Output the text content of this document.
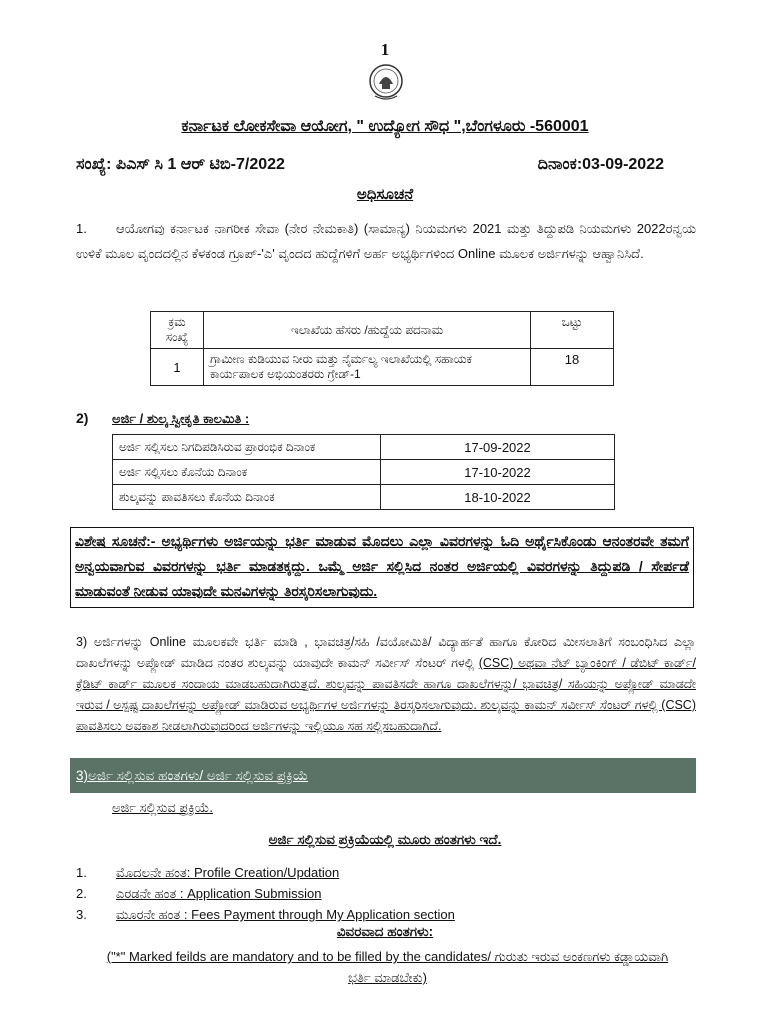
1
ಕರ್ನಾಟಕ ಲೋಕಸೇವಾ ಆಯೋಗ, " ಉದ್ಯೋಗ ಸೌಧ ",ಬೆಂಗಳೂರು -560001
ಸಂಖ್ಯೆ: ಪಿಎಸ್ ಸಿ 1 ಆರ್ ಟಿಬಿ-7/2022	ದಿನಾಂಕ:03-09-2022
ಅಧಿಸೂಚನೆ
1. ಆಯೋಗವು ಕರ್ನಾಟಕ ನಾಗರೀಕ ಸೇವಾ (ನೇರ ನೇಮಕಾತಿ) (ಸಾಮಾನ್ಯ) ನಿಯಮಗಳು 2021 ಮತ್ತು ತಿದ್ದುಪಡಿ ನಿಯಮಗಳು 2022ರನ್ವಯ ಉಳಿಕೆ ಮೂಲ ವೃಂದದಲ್ಲಿನ ಕೆಳಕಂಡ ಗ್ರೂಪ್-'ಎ' ವೃಂದದ ಹುದ್ದೆಗಳಿಗೆ ಅರ್ಹ ಅಭ್ಯರ್ಥಿಗಳಿಂದ Online ಮೂಲಕ ಅರ್ಜಿಗಳನ್ನು ಆಹ್ವಾನಿಸಿದೆ.
ಕ್ರಮ ಸಂಖ್ಯೆ	ಇಲಾಖೆಯ ಹೆಸರು /ಹುದ್ದೆಯ ಪದನಾಮ	ಒಟ್ಟು
1	ಗ್ರಾಮೀಣ ಕುಡಿಯುವ ನೀರು ಮತ್ತು ನೈರ್ಮಲ್ಯ ಇಲಾಖೆಯಲ್ಲಿ ಸಹಾಯಕ ಕಾರ್ಯಪಾಲಕ ಅಭಿಯಂತರರು ಗ್ರೇಡ್-1	18
2) ಅರ್ಜಿ / ಶುಲ್ಕ ಸ್ವೀಕೃತಿ ಕಾಲಮಿತಿ :
ಅರ್ಜಿ ಸಲ್ಲಿಸಲು ನಿಗದಿಪಡಿಸಿರುವ ಪ್ರಾರಂಭಿಕ ದಿನಾಂಕ	17-09-2022
ಅರ್ಜಿ ಸಲ್ಲಿಸಲು ಕೊನೆಯ ದಿನಾಂಕ	17-10-2022
ಶುಲ್ಕವನ್ನು ಪಾವತಿಸಲು ಕೊನೆಯ ದಿನಾಂಕ	18-10-2022
ವಿಶೇಷ ಸೂಚನೆ:- ಅಭ್ಯರ್ಥಿಗಳು ಅರ್ಜಿಯನ್ನು ಭರ್ತಿ ಮಾಡುವ ಮೊದಲು ಎಲ್ಲಾ ವಿವರಗಳನ್ನು ಓದಿ ಅರ್ಥೈಸಿಕೊಂಡು ಆನಂತರವೇ ತಮಗೆ ಅನ್ವಯವಾಗುವ ವಿವರಗಳನ್ನು ಭರ್ತಿ ಮಾಡತಕ್ಕದ್ದು. ಒಮ್ಮೆ ಅರ್ಜಿ ಸಲ್ಲಿಸಿದ ನಂತರ ಅರ್ಜಿಯಲ್ಲಿ ವಿವರಗಳನ್ನು ತಿದ್ದುಪಡಿ / ಸೇರ್ಪಡೆ ಮಾಡುವಂತೆ ನೀಡುವ ಯಾವುದೇ ಮನವಿಗಳನ್ನು ತಿರಸ್ಕರಿಸಲಾಗುವುದು.
3) ಅರ್ಜಿಗಳನ್ನು Online ಮೂಲಕವೇ ಭರ್ತಿ ಮಾಡಿ , ಭಾವಚಿತ್ರ/ಸಹಿ /ವಯೋಮಿತಿ/ ವಿದ್ಯಾರ್ಹತೆ ಹಾಗೂ ಕೋರಿದ ಮೀಸಲಾತಿಗೆ ಸಂಬಂಧಿಸಿದ ಎಲ್ಲಾ ದಾಖಲೆಗಳನ್ನು ಅಪ್ಲೋಡ್ ಮಾಡಿದ ನಂತರ ಶುಲ್ಕವನ್ನು ಯಾವುದೇ ಕಾಮನ್ ಸರ್ವೀಸ್ ಸೆಂಟರ್ ಗಳಲ್ಲಿ (CSC) ಅಥವಾ ನೆಟ್ ಬ್ಯಾಂಕಿಂಗ್ / ಡೆಬಿಟ್ ಕಾರ್ಡ್/ ಕ್ರೆಡಿಟ್ ಕಾರ್ಡ್ ಮೂಲಕ ಸಂದಾಯ ಮಾಡಬಹುದಾಗಿರುತ್ತದೆ. ಶುಲ್ಕವನ್ನು ಪಾವತಿಸದೇ ಹಾಗೂ ದಾಖಲೆಗಳನ್ನು/ ಭಾವಚಿತ್ರ/ ಸಹಿಯನ್ನು ಅಪ್ಲೋಡ್ ಮಾಡದೇ ಇರುವ / ಅಸ್ಪಷ್ಟ ದಾಖಲೆಗಳನ್ನು ಅಪ್ಲೋಡ್ ಮಾಡಿರುವ ಅಭ್ಯರ್ಥಿಗಳ ಅರ್ಜಿಗಳನ್ನು ತಿರಸ್ಕರಿಸಲಾಗುವುದು. ಶುಲ್ಕವನ್ನು ಕಾಮನ್ ಸರ್ವೀಸ್ ಸೆಂಟರ್ ಗಳಲ್ಲಿ (CSC) ಪಾವತಿಸಲು ಅವಕಾಶ ನೀಡಲಾಗಿರುವುದರಿಂದ ಅರ್ಜಿಗಳನ್ನು ಇಲ್ಲಿಯೂ ಸಹ ಸಲ್ಲಿಸಬಹುದಾಗಿದೆ.
3)ಅರ್ಜಿ ಸಲ್ಲಿಸುವ ಹಂತಗಳು/ ಅರ್ಜಿ ಸಲ್ಲಿಸುವ ಪ್ರಕ್ರಿಯೆ
ಅರ್ಜಿ ಸಲ್ಲಿಸುವ ಪ್ರಕ್ರಿಯೆ.
ಅರ್ಜಿ ಸಲ್ಲಿಸುವ ಪ್ರಕ್ರಿಯೆಯಲ್ಲಿ ಮೂರು ಹಂತಗಳು ಇದೆ.
1.	ಮೊದಲನೇ ಹಂತ: Profile Creation/Updation
2.	ಎರಡನೇ ಹಂತ : Application Submission
3.	ಮೂರನೇ ಹಂತ : Fees Payment through My Application section
ವಿವರವಾದ ಹಂತಗಳು:
("*" Marked feilds are mandatory and to be filled by the candidates/ ಗುರುತು ಇರುವ ಅಂಕಣಗಳು ಕಡ್ಡಾಯವಾಗಿ ಭರ್ತಿ ಮಾಡಬೇಕು)
